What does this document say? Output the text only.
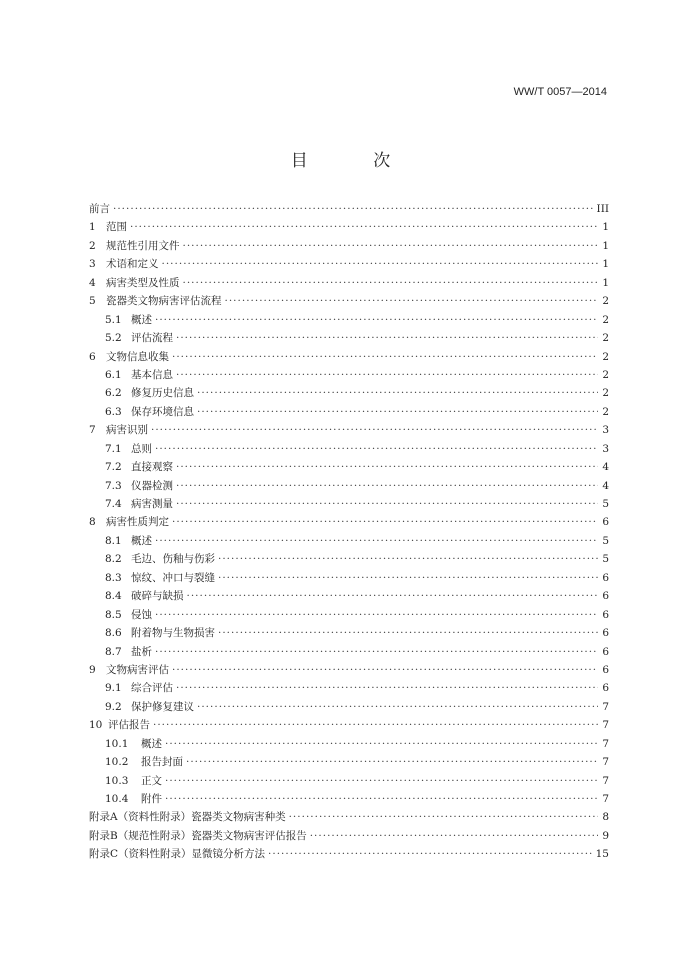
WW/T 0057—2014
目 次
前言 ·····	III
1 范围 ·····	1
2 规范性引用文件 ·····	1
3 术语和定义 ·····	1
4 病害类型及性质 ·····	1
5 瓷器类文物病害评估流程 ·····	2
5.1 概述 ·····	2
5.2 评估流程 ·····	2
6 文物信息收集 ·····	2
6.1 基本信息 ·····	2
6.2 修复历史信息 ·····	2
6.3 保存环境信息 ·····	2
7 病害识别 ·····	3
7.1 总则 ·····	3
7.2 直接观察 ·····	4
7.3 仪器检测 ·····	4
7.4 病害测量 ·····	5
8 病害性质判定 ·····	6
8.1 概述 ·····	5
8.2 毛边、伤釉与伤彩 ·····	5
8.3 惊纹、冲口与裂缝 ·····	6
8.4 破碎与缺损 ·····	6
8.5 侵蚀 ·····	6
8.6 附着物与生物损害 ·····	6
8.7 盐析 ·····	6
9 文物病害评估 ·····	6
9.1 综合评估 ·····	6
9.2 保护修复建议 ·····	7
10 评估报告 ·····	7
10.1	概述 ·····	7
10.2	报告封面 ·····	7
10.3	正文 ·····	7
10.4	附件 ·····	7
附录A（资料性附录）瓷器类文物病害种类 ·····	8
附录B（规范性附录）瓷器类文物病害评估报告 ·····	9
附录C（资料性附录）显微镜分析方法 ·····	15
